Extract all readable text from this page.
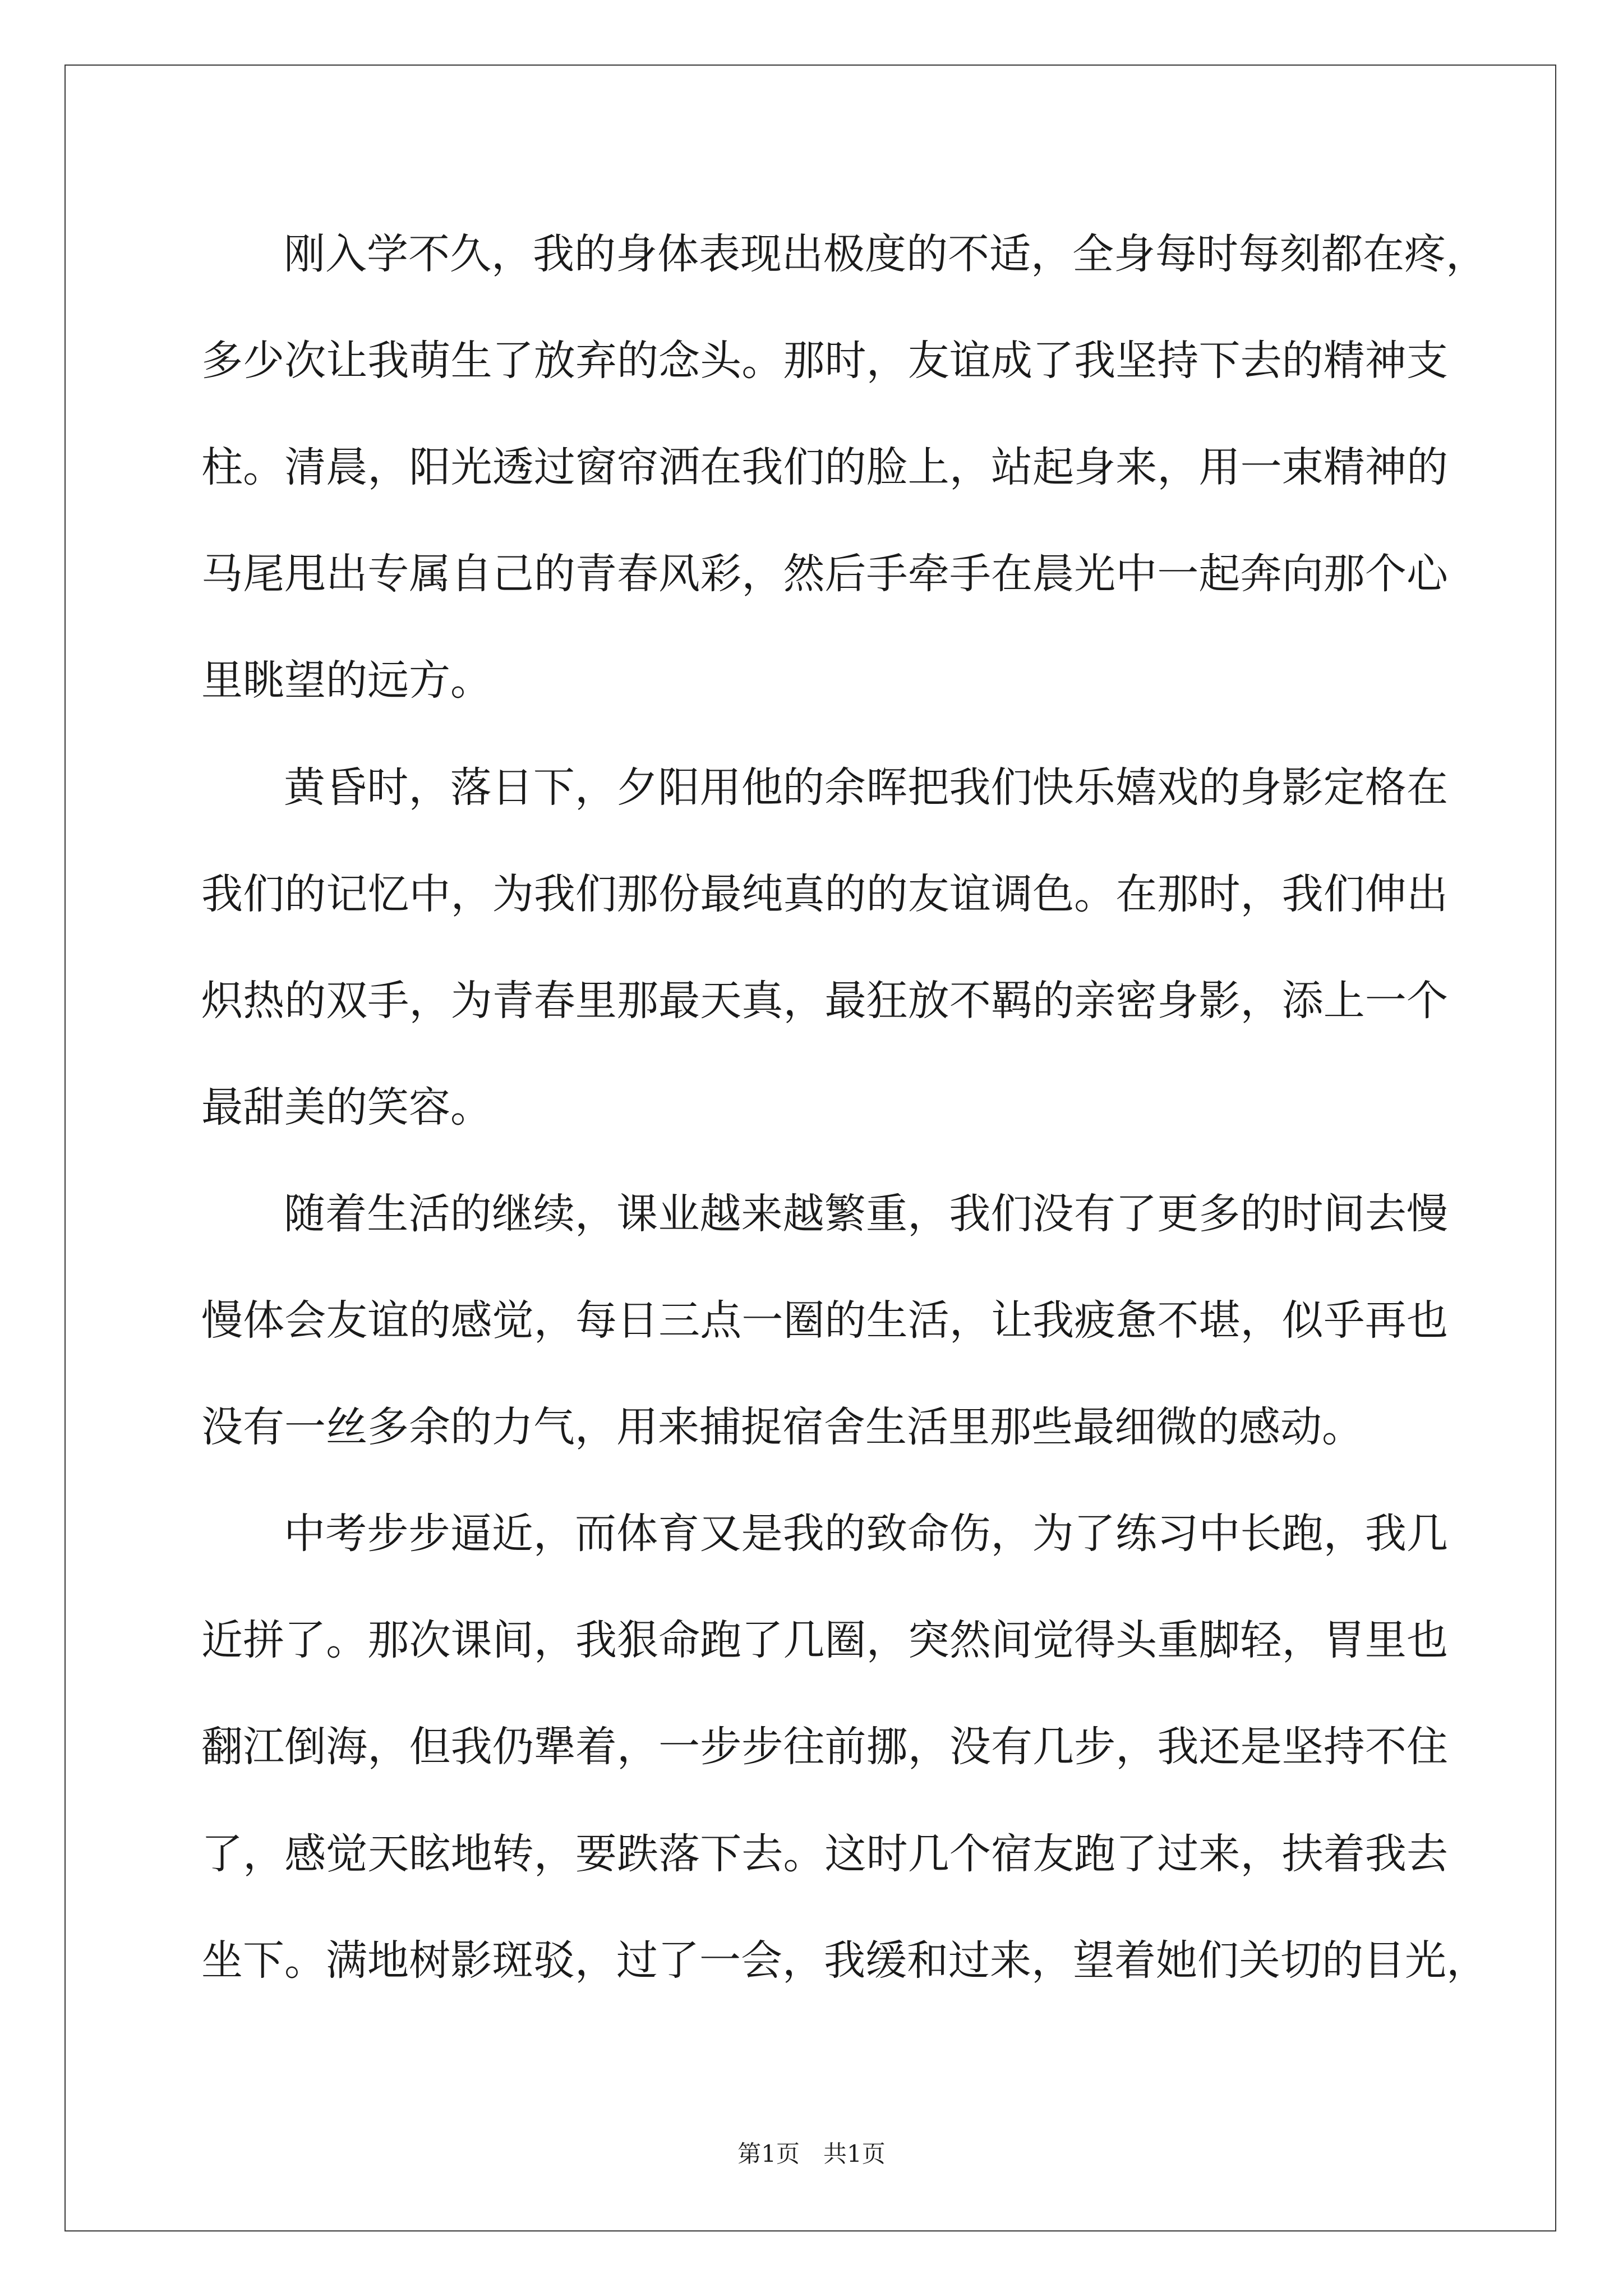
刚入学不久，我的身体表现出极度的不适，全身每时每刻都在疼，
多少次让我萌生了放弃的念头。那时，友谊成了我坚持下去的精神支
柱。清晨，阳光透过窗帘洒在我们的脸上，站起身来，用一束精神的
马尾甩出专属自己的青春风彩，然后手牵手在晨光中一起奔向那个心
里眺望的远方。
黄昏时，落日下，夕阳用他的余晖把我们快乐嬉戏的身影定格在
我们的记忆中，为我们那份最纯真的的友谊调色。在那时，我们伸出
炽热的双手，为青春里那最天真，最狂放不羁的亲密身影，添上一个
最甜美的笑容。
随着生活的继续，课业越来越繁重，我们没有了更多的时间去慢
慢体会友谊的感觉，每日三点一圈的生活，让我疲惫不堪，似乎再也
没有一丝多余的力气，用来捕捉宿舍生活里那些最细微的感动。
中考步步逼近，而体育又是我的致命伤，为了练习中长跑，我几
近拼了。那次课间，我狠命跑了几圈，突然间觉得头重脚轻，胃里也
翻江倒海，但我仍犟着，一步步往前挪，没有几步，我还是坚持不住
了，感觉天眩地转，要跌落下去。这时几个宿友跑了过来，扶着我去
坐下。满地树影斑驳，过了一会，我缓和过来，望着她们关切的目光，
第1页　共1页
